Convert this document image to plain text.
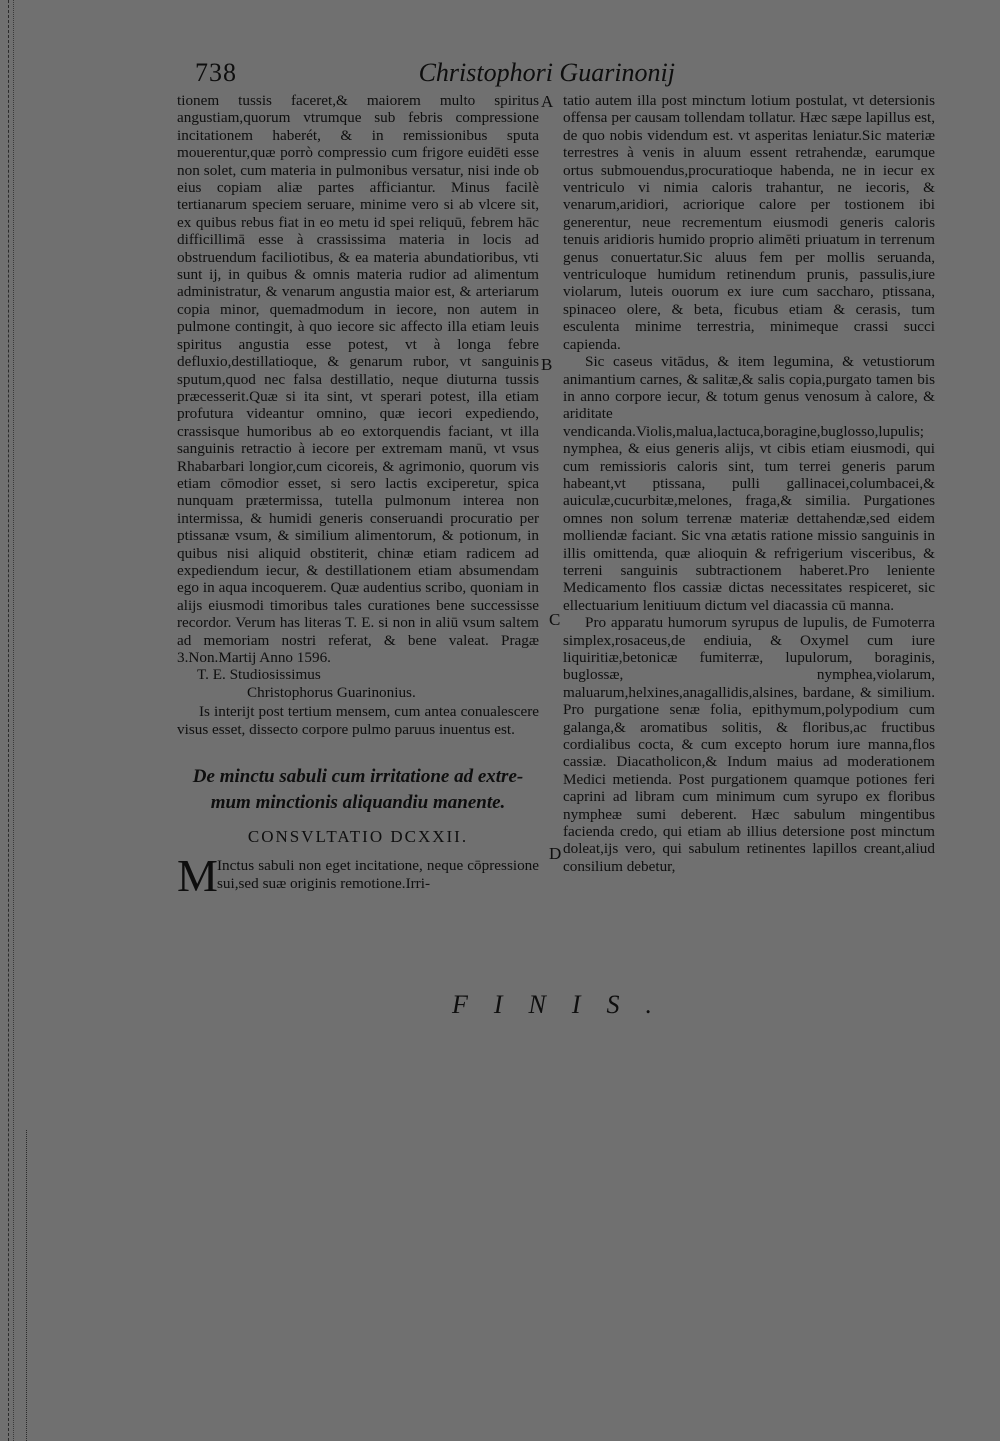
738	Christophori Guarinonij
A
B
C
D

tionem tussis faceret,& maiorem multo spiritus angustiam,quorum vtrumque sub febris compressione incitationem haberét, & in remissionibus sputa mouerentur,quæ porrò compressio cum frigore euidēti esse non solet, cum materia in pulmonibus versatur, nisi inde ob eius copiam aliæ partes afficiantur. Minus facilè tertianarum speciem seruare, minime vero si ab vlcere sit, ex quibus rebus fiat in eo metu id spei reliquū, febrem hāc difficillimā esse à crassissima materia in locis ad obstruendum faciliotibus, & ea materia abundatioribus, vti sunt ij, in quibus & omnis materia rudior ad alimentum administratur, & venarum angustia maior est, & arteriarum copia minor, quemadmodum in iecore, non autem in pulmone contingit, à quo iecore sic affecto illa etiam leuis spiritus angustia esse potest, vt à longa febre defluxio,destillatioque, & genarum rubor, vt sanguinis sputum,quod nec falsa destillatio, neque diuturna tussis præcesserit.Quæ si ita sint, vt sperari potest, illa etiam profutura videantur omnino, quæ iecori expediendo, crassisque humoribus ab eo extorquendis faciant, vt illa sanguinis retractio à iecore per extremam manū, vt vsus Rhabarbari longior,cum cicoreis, & agrimonio, quorum vis etiam cōmodior esset, si sero lactis exciperetur, spica nunquam prætermissa, tutella pulmonum interea non intermissa, & humidi generis conseruandi procuratio per ptissanæ vsum, & similium alimentorum, & potionum, in quibus nisi aliquid obstiterit, chinæ etiam radicem ad expediendum iecur, & destillationem etiam absumendam ego in aqua incoquerem. Quæ audentius scribo, quoniam in alijs eiusmodi timoribus tales curationes bene successisse recordor. Verum has literas T. E. si non in aliū vsum saltem ad memoriam nostri referat, & bene valeat. Pragæ 3.Non.Martij Anno 1596.

T. E. Studiosissimus

Christophorus Guarinonius.

Is interijt post tertium mensem, cum antea conualescere visus esset, dissecto corpore pulmo paruus inuentus est.

De minctu sabuli cum irritatione ad extre-
mum minctionis aliquandiu manente.
CONSVLTATIO DCXXII.
M Inctus sabuli non eget incitatione, neque cōpressione sui,sed suæ originis remotione.Irri-

tatio autem illa post minctum lotium postulat, vt detersionis offensa per causam tollendam tollatur. Hæc sæpe lapillus est, de quo nobis videndum est. vt asperitas leniatur.Sic materiæ terrestres à venis in aluum essent retrahendæ, earumque ortus submouendus,procuratioque habenda, ne in iecur ex ventriculo vi nimia caloris trahantur, ne iecoris, & venarum,aridiori, acriorique calore per tostionem ibi generentur, neue recrementum eiusmodi generis caloris tenuis aridioris humido proprio alimēti priuatum in terrenum genus conuertatur.Sic aluus fem per mollis seruanda, ventriculoque humidum retinendum prunis, passulis,iure violarum, luteis ouorum ex iure cum saccharo, ptissana, spinaceo olere, & beta, ficubus etiam & cerasis, tum esculenta minime terrestria, minimeque crassi succi capienda.

Sic caseus vitādus, & item legumina, & vetustiorum animantium carnes, & salitæ,& salis copia,purgato tamen bis in anno corpore iecur, & totum genus venosum à calore, & ariditate vendicanda.Violis,malua,lactuca,boragine,buglosso,lupulis; nymphea, & eius generis alijs, vt cibis etiam eiusmodi, qui cum remissioris caloris sint, tum terrei generis parum habeant,vt ptissana, pulli gallinacei,columbacei,& auiculæ,cucurbitæ,melones, fraga,& similia. Purgationes omnes non solum terrenæ materiæ dettahendæ,sed eidem molliendæ faciant. Sic vna ætatis ratione missio sanguinis in illis omittenda, quæ alioquin & refrigerium visceribus, & terreni sanguinis subtractionem haberet.Pro leniente Medicamento flos cassiæ dictas necessitates respiceret, sic ellectuarium lenitiuum dictum vel diacassia cū manna.

Pro apparatu humorum syrupus de lupulis, de Fumoterra simplex,rosaceus,de endiuia, & Oxymel cum iure liquiritiæ,betonicæ fumiterræ, lupulorum, boraginis, buglossæ, nymphea,violarum, maluarum,helxines,anagallidis,alsines, bardane, & similium. Pro purgatione senæ folia, epithymum,polypodium cum galanga,& aromatibus solitis, & floribus,ac fructibus cordialibus cocta, & cum excepto horum iure manna,flos cassiæ. Diacatholicon,& Indum maius ad moderationem Medici metienda. Post purgationem quamque potiones feri caprini ad libram cum minimum cum syrupo ex floribus nympheæ sumi deberent. Hæc sabulum mingentibus facienda credo, qui etiam ab illius detersione post minctum doleat,ijs vero, qui sabulum retinentes lapillos creant,aliud consilium debetur,

FINIS.
